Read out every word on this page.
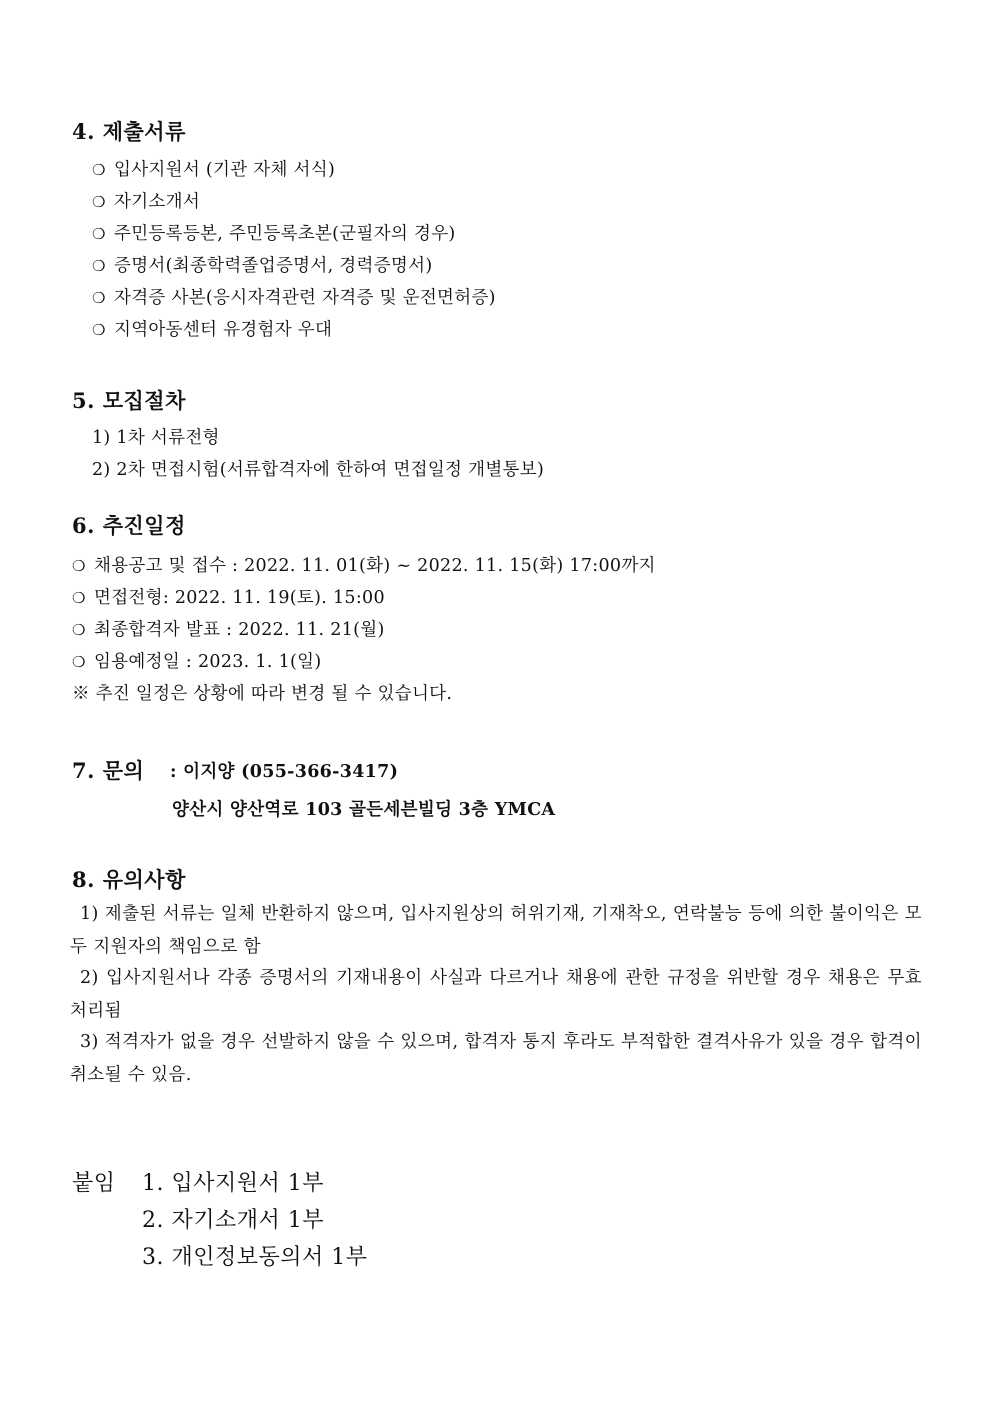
4. 제출서류
❍ 입사지원서 (기관 자체 서식)
❍ 자기소개서
❍ 주민등록등본, 주민등록초본(군필자의 경우)
❍ 증명서(최종학력졸업증명서, 경력증명서)
❍ 자격증 사본(응시자격관련 자격증 및 운전면허증)
❍ 지역아동센터 유경험자 우대
5. 모집절차
1) 1차 서류전형
2) 2차 면접시험(서류합격자에 한하여 면접일정 개별통보)
6. 추진일정
❍ 채용공고 및 접수 : 2022. 11. 01(화) ~ 2022. 11. 15(화) 17:00까지
❍ 면접전형: 2022. 11. 19(토). 15:00
❍ 최종합격자 발표 : 2022. 11. 21(월)
❍ 임용예정일 : 2023. 1. 1(일)
※ 추진 일정은 상황에 따라 변경 될 수 있습니다.
7. 문의 : 이지양 (055-366-3417)
양산시 양산역로 103 골든세븐빌딩 3층 YMCA
8. 유의사항
1) 제출된 서류는 일체 반환하지 않으며, 입사지원상의 허위기재, 기재착오, 연락불능 등에 의한 불이익은 모두 지원자의 책임으로 함
2) 입사지원서나 각종 증명서의 기재내용이 사실과 다르거나 채용에 관한 규정을 위반할 경우 채용은 무효 처리됨
3) 적격자가 없을 경우 선발하지 않을 수 있으며, 합격자 통지 후라도 부적합한 결격사유가 있을 경우 합격이 취소될 수 있음.
붙임 1. 입사지원서 1부
2. 자기소개서 1부
3. 개인정보동의서 1부
